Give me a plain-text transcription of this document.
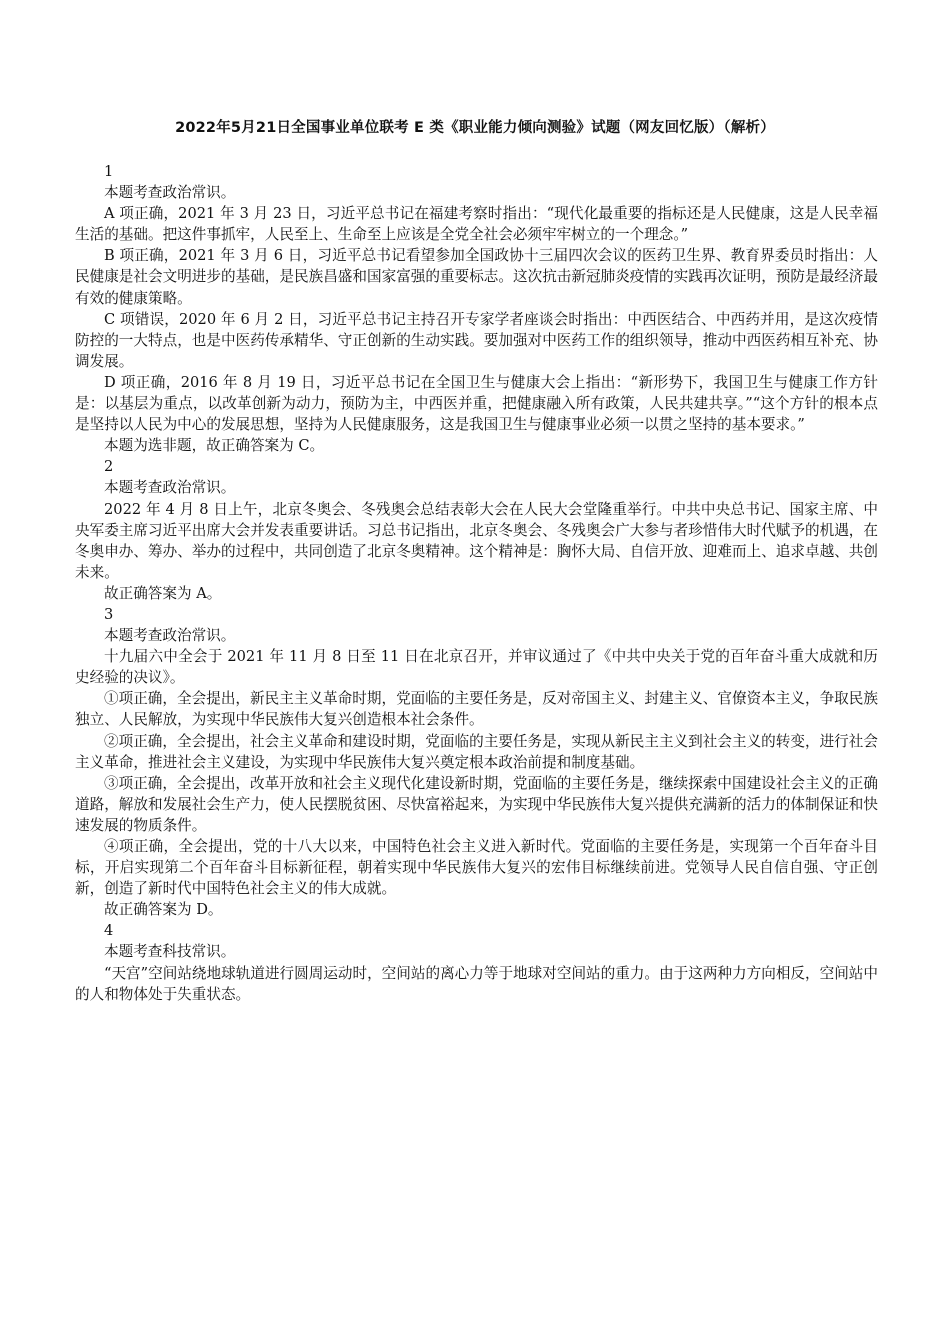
2022年5月21日全国事业单位联考 E 类《职业能力倾向测验》试题（网友回忆版）（解析）

1

本题考查政治常识。

A 项正确，2021 年 3 月 23 日，习近平总书记在福建考察时指出：“现代化最重要的指标还是人民健康，这是人民幸福生活的基础。把这件事抓牢，人民至上、生命至上应该是全党全社会必须牢牢树立的一个理念。”

B 项正确，2021 年 3 月 6 日，习近平总书记看望参加全国政协十三届四次会议的医药卫生界、教育界委员时指出：人民健康是社会文明进步的基础，是民族昌盛和国家富强的重要标志。这次抗击新冠肺炎疫情的实践再次证明，预防是最经济最有效的健康策略。

C 项错误，2020 年 6 月 2 日，习近平总书记主持召开专家学者座谈会时指出：中西医结合、中西药并用，是这次疫情防控的一大特点，也是中医药传承精华、守正创新的生动实践。要加强对中医药工作的组织领导，推动中西医药相互补充、协调发展。

D 项正确，2016 年 8 月 19 日，习近平总书记在全国卫生与健康大会上指出：“新形势下，我国卫生与健康工作方针是：以基层为重点，以改革创新为动力，预防为主，中西医并重，把健康融入所有政策，人民共建共享。”“这个方针的根本点是坚持以人民为中心的发展思想，坚持为人民健康服务，这是我国卫生与健康事业必须一以贯之坚持的基本要求。”

本题为选非题，故正确答案为 C。

2

本题考查政治常识。

2022 年 4 月 8 日上午，北京冬奥会、冬残奥会总结表彰大会在人民大会堂隆重举行。中共中央总书记、国家主席、中央军委主席习近平出席大会并发表重要讲话。习总书记指出，北京冬奥会、冬残奥会广大参与者珍惜伟大时代赋予的机遇，在冬奥申办、筹办、举办的过程中，共同创造了北京冬奥精神。这个精神是：胸怀大局、自信开放、迎难而上、追求卓越、共创未来。

故正确答案为 A。

3

本题考查政治常识。

十九届六中全会于 2021 年 11 月 8 日至 11 日在北京召开，并审议通过了《中共中央关于党的百年奋斗重大成就和历史经验的决议》。

①项正确，全会提出，新民主主义革命时期，党面临的主要任务是，反对帝国主义、封建主义、官僚资本主义，争取民族独立、人民解放，为实现中华民族伟大复兴创造根本社会条件。

②项正确，全会提出，社会主义革命和建设时期，党面临的主要任务是，实现从新民主主义到社会主义的转变，进行社会主义革命，推进社会主义建设，为实现中华民族伟大复兴奠定根本政治前提和制度基础。

③项正确，全会提出，改革开放和社会主义现代化建设新时期，党面临的主要任务是，继续探索中国建设社会主义的正确道路，解放和发展社会生产力，使人民摆脱贫困、尽快富裕起来，为实现中华民族伟大复兴提供充满新的活力的体制保证和快速发展的物质条件。

④项正确，全会提出，党的十八大以来，中国特色社会主义进入新时代。党面临的主要任务是，实现第一个百年奋斗目标，开启实现第二个百年奋斗目标新征程，朝着实现中华民族伟大复兴的宏伟目标继续前进。党领导人民自信自强、守正创新，创造了新时代中国特色社会主义的伟大成就。

故正确答案为 D。

4

本题考查科技常识。

“天宫”空间站绕地球轨道进行圆周运动时，空间站的离心力等于地球对空间站的重力。由于这两种力方向相反，空间站中的人和物体处于失重状态。
